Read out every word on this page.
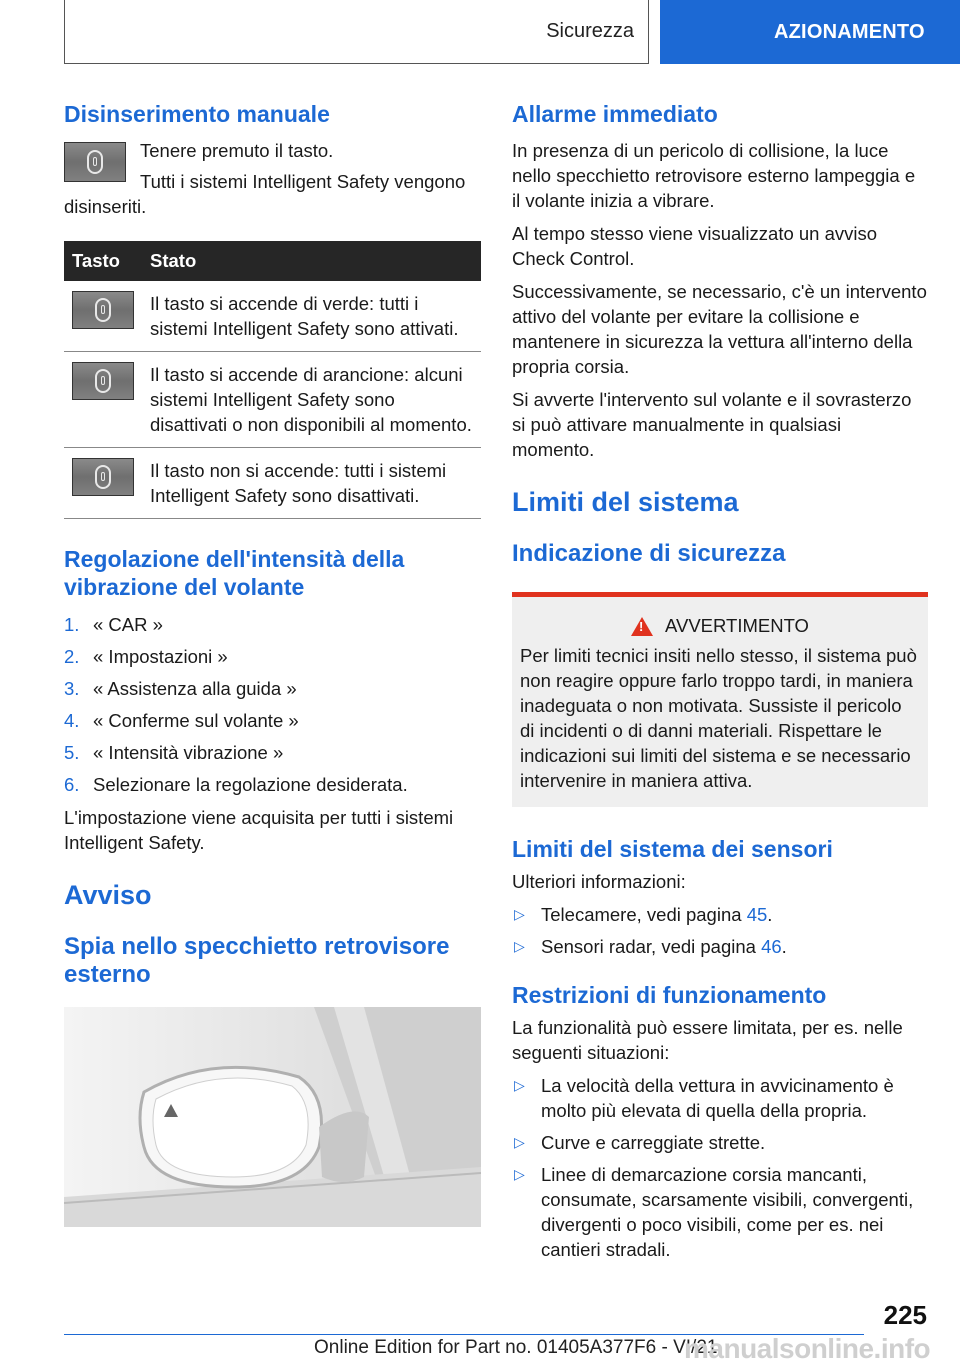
Sicurezza	AZIONAMENTO
Disinserimento manuale

Tenere premuto il tasto.

Tutti i sistemi Intelligent Safety vengono

disinseriti.

Tasto	Stato

	Il tasto si accende di verde: tutti i sistemi Intelligent Safety sono attivati.

	Il tasto si accende di arancione: alcuni sistemi Intelligent Safety sono disattivati o non disponibili al momento.

	Il tasto non si accende: tutti i sistemi Intelligent Safety sono disattivati.
Regolazione dell'intensità della vibrazione del volante
1. « CAR »
2. « Impostazioni »
3. « Assistenza alla guida »
4. « Conferme sul volante »
5. « Intensità vibrazione »
6. Selezionare la regolazione desiderata.

L'impostazione viene acquisita per tutti i sistemi Intelligent Safety.

Avviso
Spia nello specchietto retrovisore esterno
Allarme immediato

In presenza di un pericolo di collisione, la luce nello specchietto retrovisore esterno lampeggia e il volante inizia a vibrare.

Al tempo stesso viene visualizzato un avviso Check Control.

Successivamente, se necessario, c'è un intervento attivo del volante per evitare la collisione e mantenere in sicurezza la vettura all'interno della propria corsia.

Si avverte l'intervento sul volante e il sovrasterzo si può attivare manualmente in qualsiasi momento.

Limiti del sistema
Indicazione di sicurezza
!
AVVERTIMENTO

Per limiti tecnici insiti nello stesso, il sistema può non reagire oppure farlo troppo tardi, in maniera inadeguata o non motivata. Sussiste il pericolo di incidenti o di danni materiali. Rispettare le indicazioni sui limiti del sistema e se necessario intervenire in maniera attiva.

Limiti del sistema dei sensori

Ulteriori informazioni:

▷ Telecamere, vedi pagina 45.
▷ Sensori radar, vedi pagina 46.
Restrizioni di funzionamento

La funzionalità può essere limitata, per es. nelle seguenti situazioni:

▷ La velocità della vettura in avvicinamento è molto più elevata di quella della propria.
▷ Curve e carreggiate strette.
▷ Linee di demarcazione corsia mancanti, consumate, scarsamente visibili, convergenti, divergenti o poco visibili, come per es. nei cantieri stradali.
225
Online Edition for Part no. 01405A377F6 - VI/21
manualsonline.info
